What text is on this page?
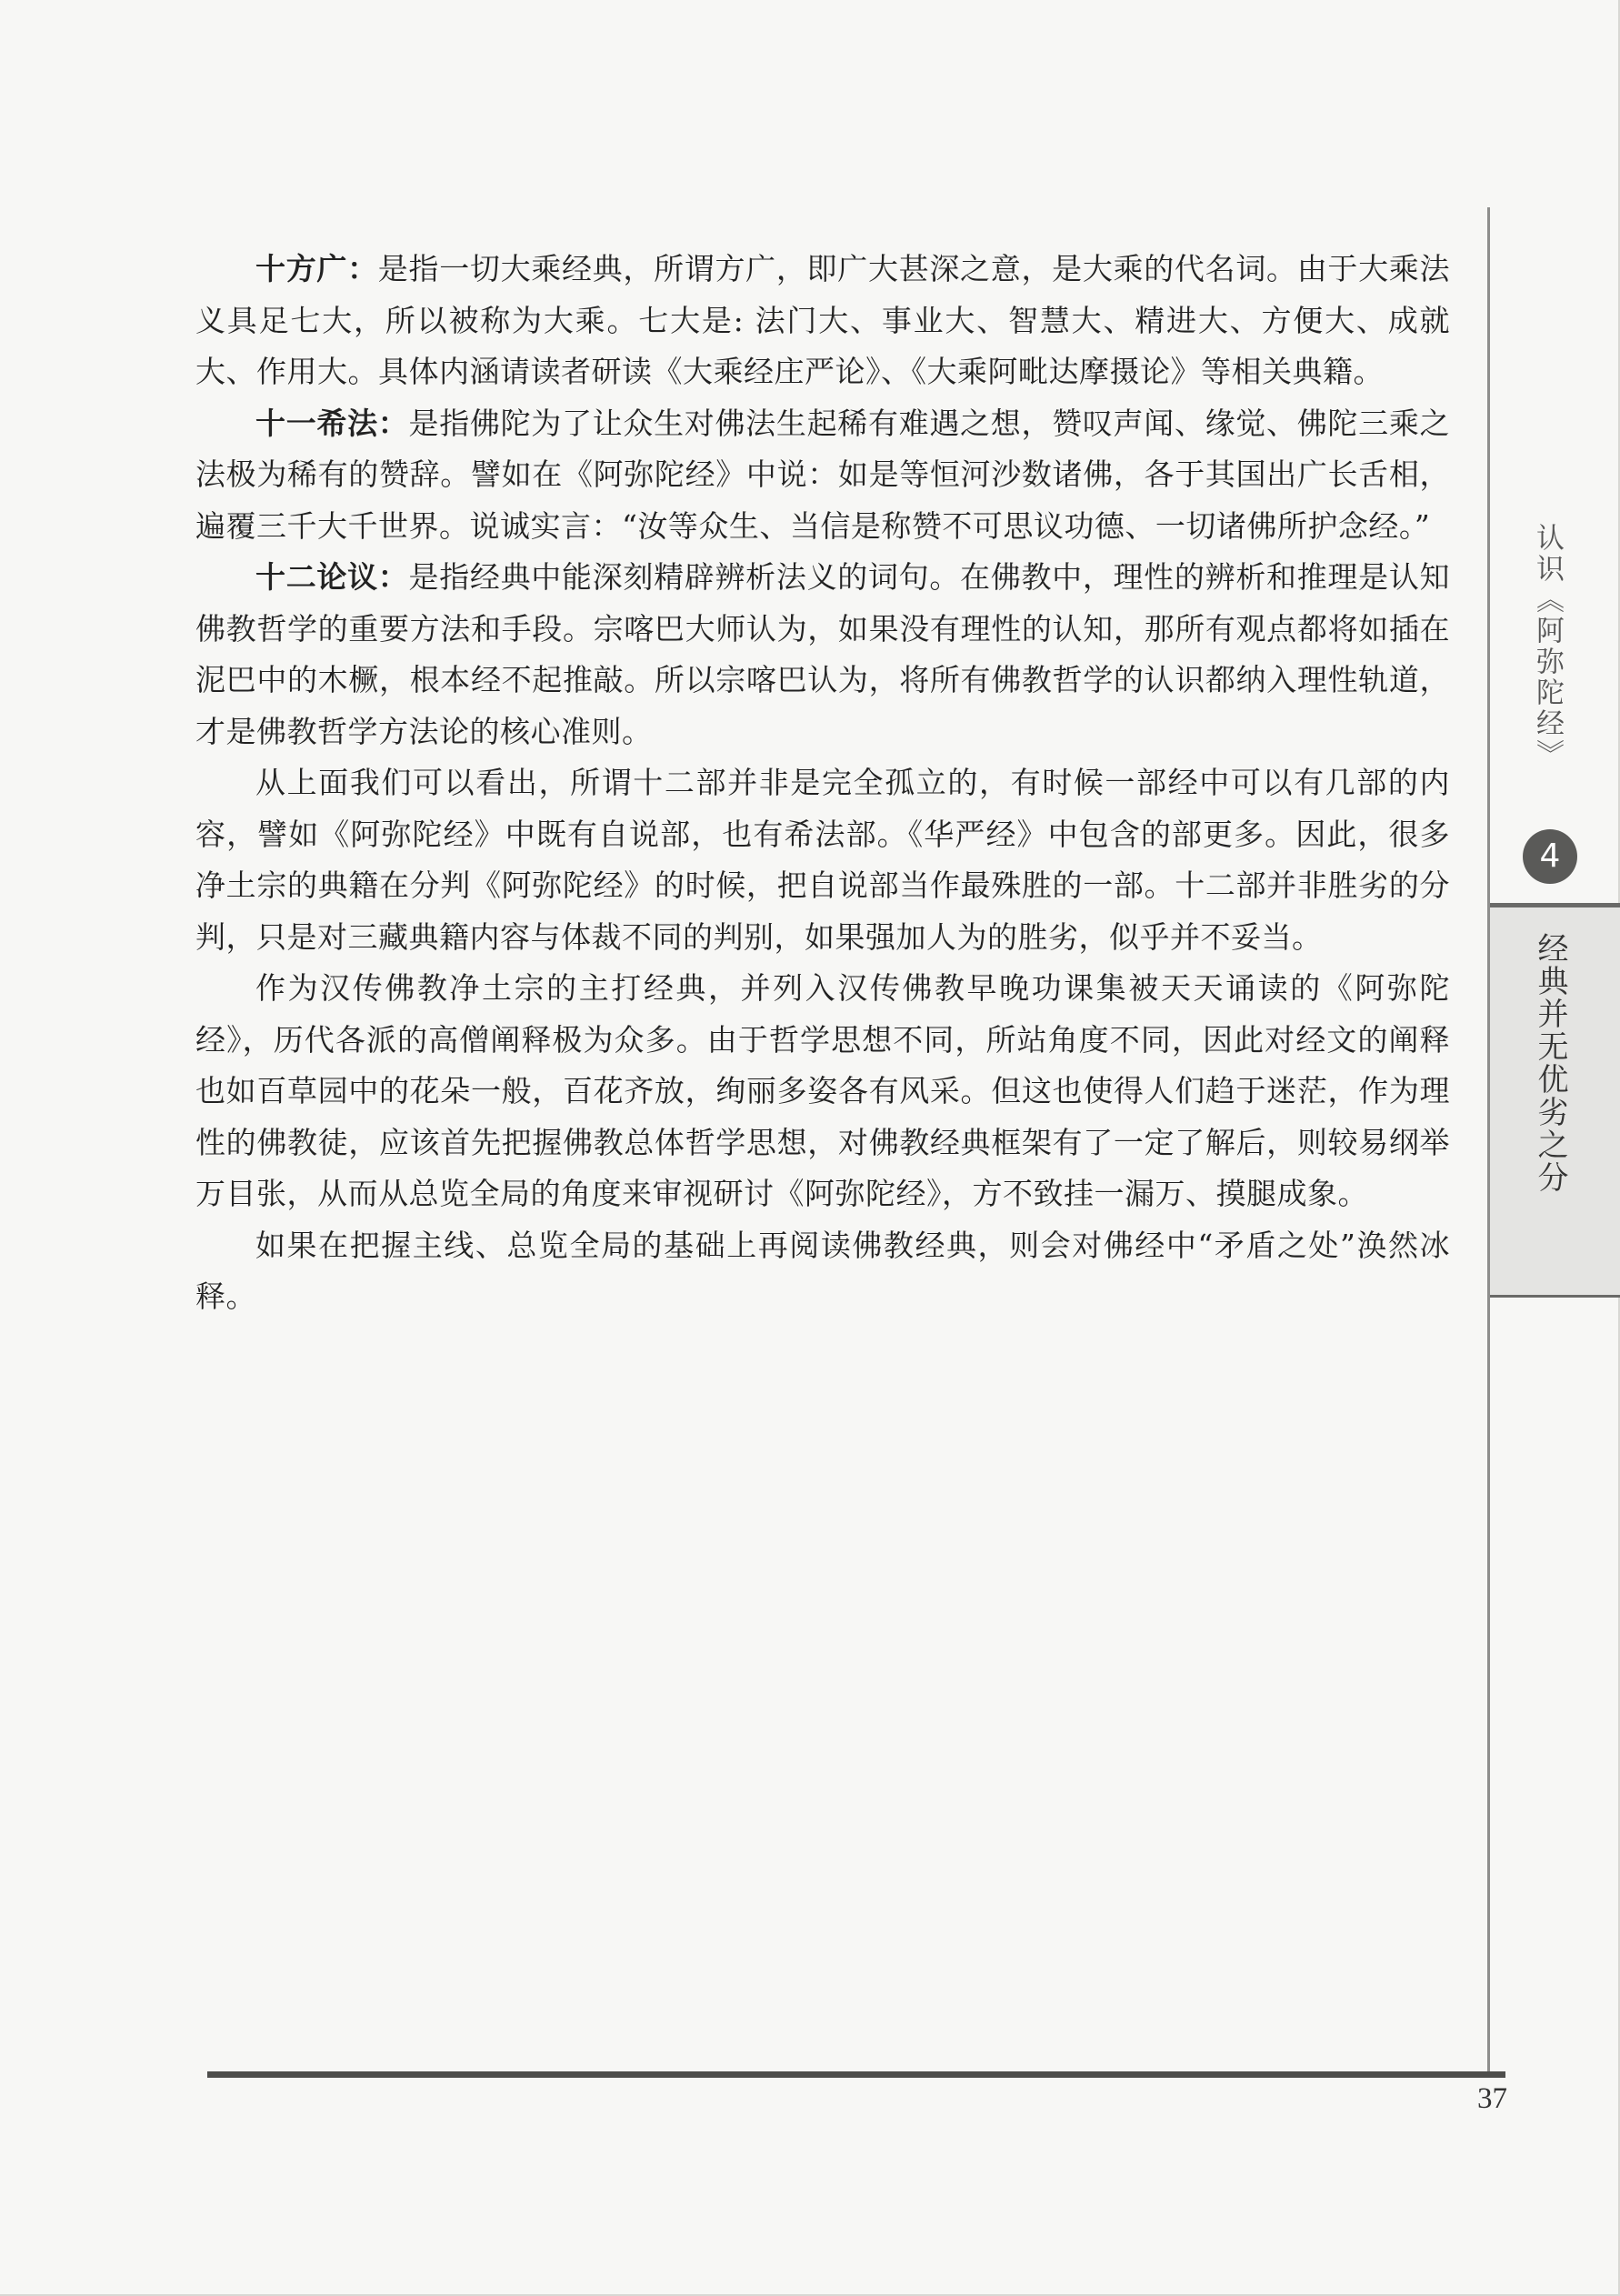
十方广：是指一切大乘经典，所谓方广，即广大甚深之意，是大乘的代名词。由于大乘法义具足七大，所以被称为大乘。七大是: 法门大、事业大、智慧大、精进大、方便大、成就大、作用大。具体内涵请读者研读《大乘经庄严论》、《大乘阿毗达摩摄论》等相关典籍。

十一希法：是指佛陀为了让众生对佛法生起稀有难遇之想，赞叹声闻、缘觉、佛陀三乘之法极为稀有的赞辞。譬如在《阿弥陀经》中说：如是等恒河沙数诸佛，各于其国出广长舌相，遍覆三千大千世界。说诚实言：“汝等众生、当信是称赞不可思议功德、一切诸佛所护念经。”

十二论议：是指经典中能深刻精辟辨析法义的词句。在佛教中，理性的辨析和推理是认知佛教哲学的重要方法和手段。宗喀巴大师认为，如果没有理性的认知，那所有观点都将如插在泥巴中的木橛，根本经不起推敲。所以宗喀巴认为，将所有佛教哲学的认识都纳入理性轨道，才是佛教哲学方法论的核心准则。

从上面我们可以看出，所谓十二部并非是完全孤立的，有时候一部经中可以有几部的内容，譬如《阿弥陀经》中既有自说部，也有希法部。《华严经》中包含的部更多。因此，很多净土宗的典籍在分判《阿弥陀经》的时候，把自说部当作最殊胜的一部。十二部并非胜劣的分判，只是对三藏典籍内容与体裁不同的判别，如果强加人为的胜劣，似乎并不妥当。

作为汉传佛教净土宗的主打经典，并列入汉传佛教早晚功课集被天天诵读的《阿弥陀经》，历代各派的高僧阐释极为众多。由于哲学思想不同，所站角度不同，因此对经文的阐释也如百草园中的花朵一般，百花齐放，绚丽多姿各有风采。但这也使得人们趋于迷茫，作为理性的佛教徒，应该首先把握佛教总体哲学思想，对佛教经典框架有了一定了解后，则较易纲举万目张，从而从总览全局的角度来审视研讨《阿弥陀经》，方不致挂一漏万、摸腿成象。

如果在把握主线、总览全局的基础上再阅读佛教经典，则会对佛经中“矛盾之处”涣然冰释。

认识《阿弥陀经》
4
经典并无优劣之分
37
